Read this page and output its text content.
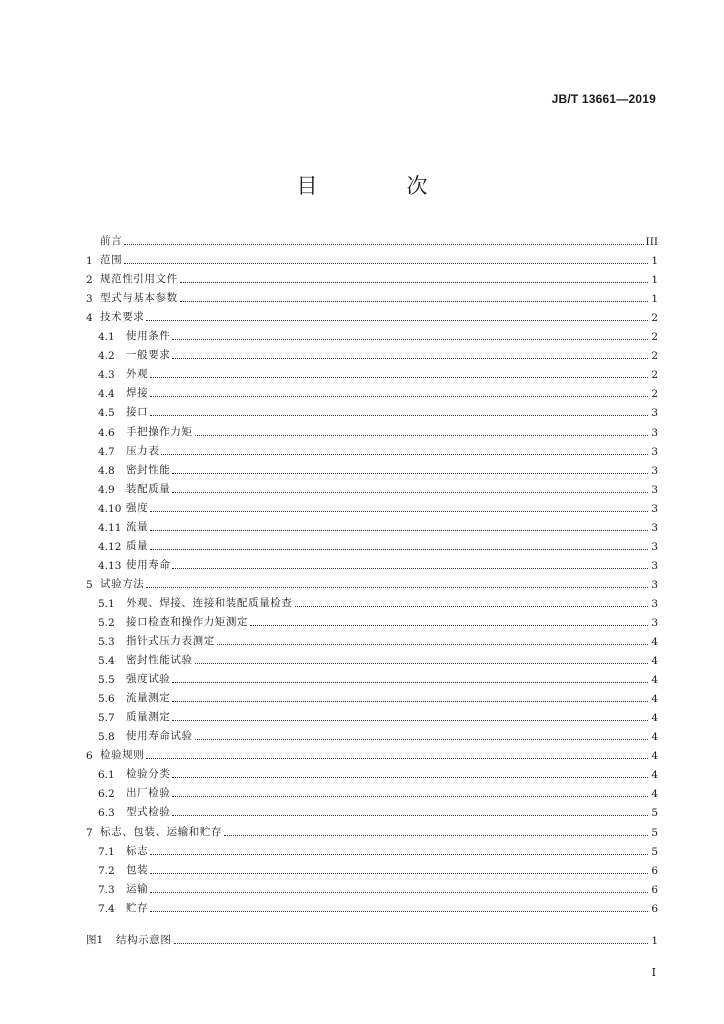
JB/T 13661—2019
目　次
前言	III
1 范围	1
2 规范性引用文件	1
3 型式与基本参数	1
4 技术要求	2
4.1	使用条件	2
4.2	一般要求	2
4.3	外观	2
4.4	焊接	2
4.5	接口	3
4.6	手把操作力矩	3
4.7	压力表	3
4.8	密封性能	3
4.9	装配质量	3
4.10 强度	3
4.11 流量	3
4.12 质量	3
4.13 使用寿命	3
5 试验方法	3
5.1	外观、焊接、连接和装配质量检查	3
5.2	接口检查和操作力矩测定	3
5.3	指针式压力表测定	4
5.4	密封性能试验	4
5.5	强度试验	4
5.6	流量测定	4
5.7	质量测定	4
5.8	使用寿命试验	4
6 检验规则	4
6.1	检验分类	4
6.2	出厂检验	4
6.3	型式检验	5
7 标志、包装、运输和贮存	5
7.1	标志	5
7.2	包装	6
7.3	运输	6
7.4	贮存	6
图1	结构示意图	1
I
